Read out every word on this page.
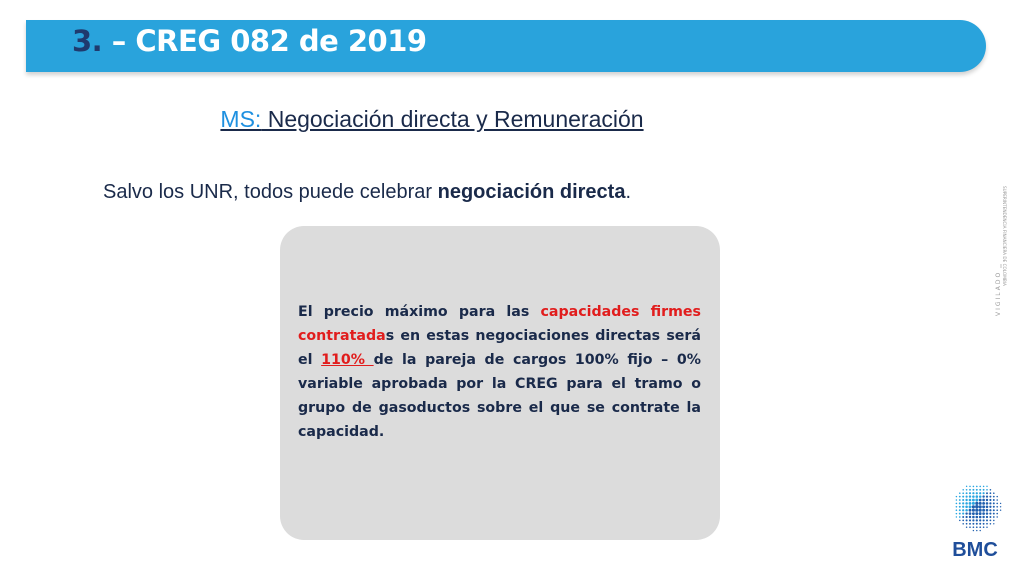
3. – CREG 082 de 2019
MS: Negociación directa y Remuneración
Salvo los UNR, todos puede celebrar negociación directa.
El precio máximo para las capacidades firmes contratadas en estas negociaciones directas será el 110% de la pareja de cargos 100% fijo – 0% variable aprobada por la CREG para el tramo o grupo de gasoductos sobre el que se contrate la capacidad.
VIGILADO
SUPERINTENDENCIA FINANCIERA DE COLOMBIA
BMC
